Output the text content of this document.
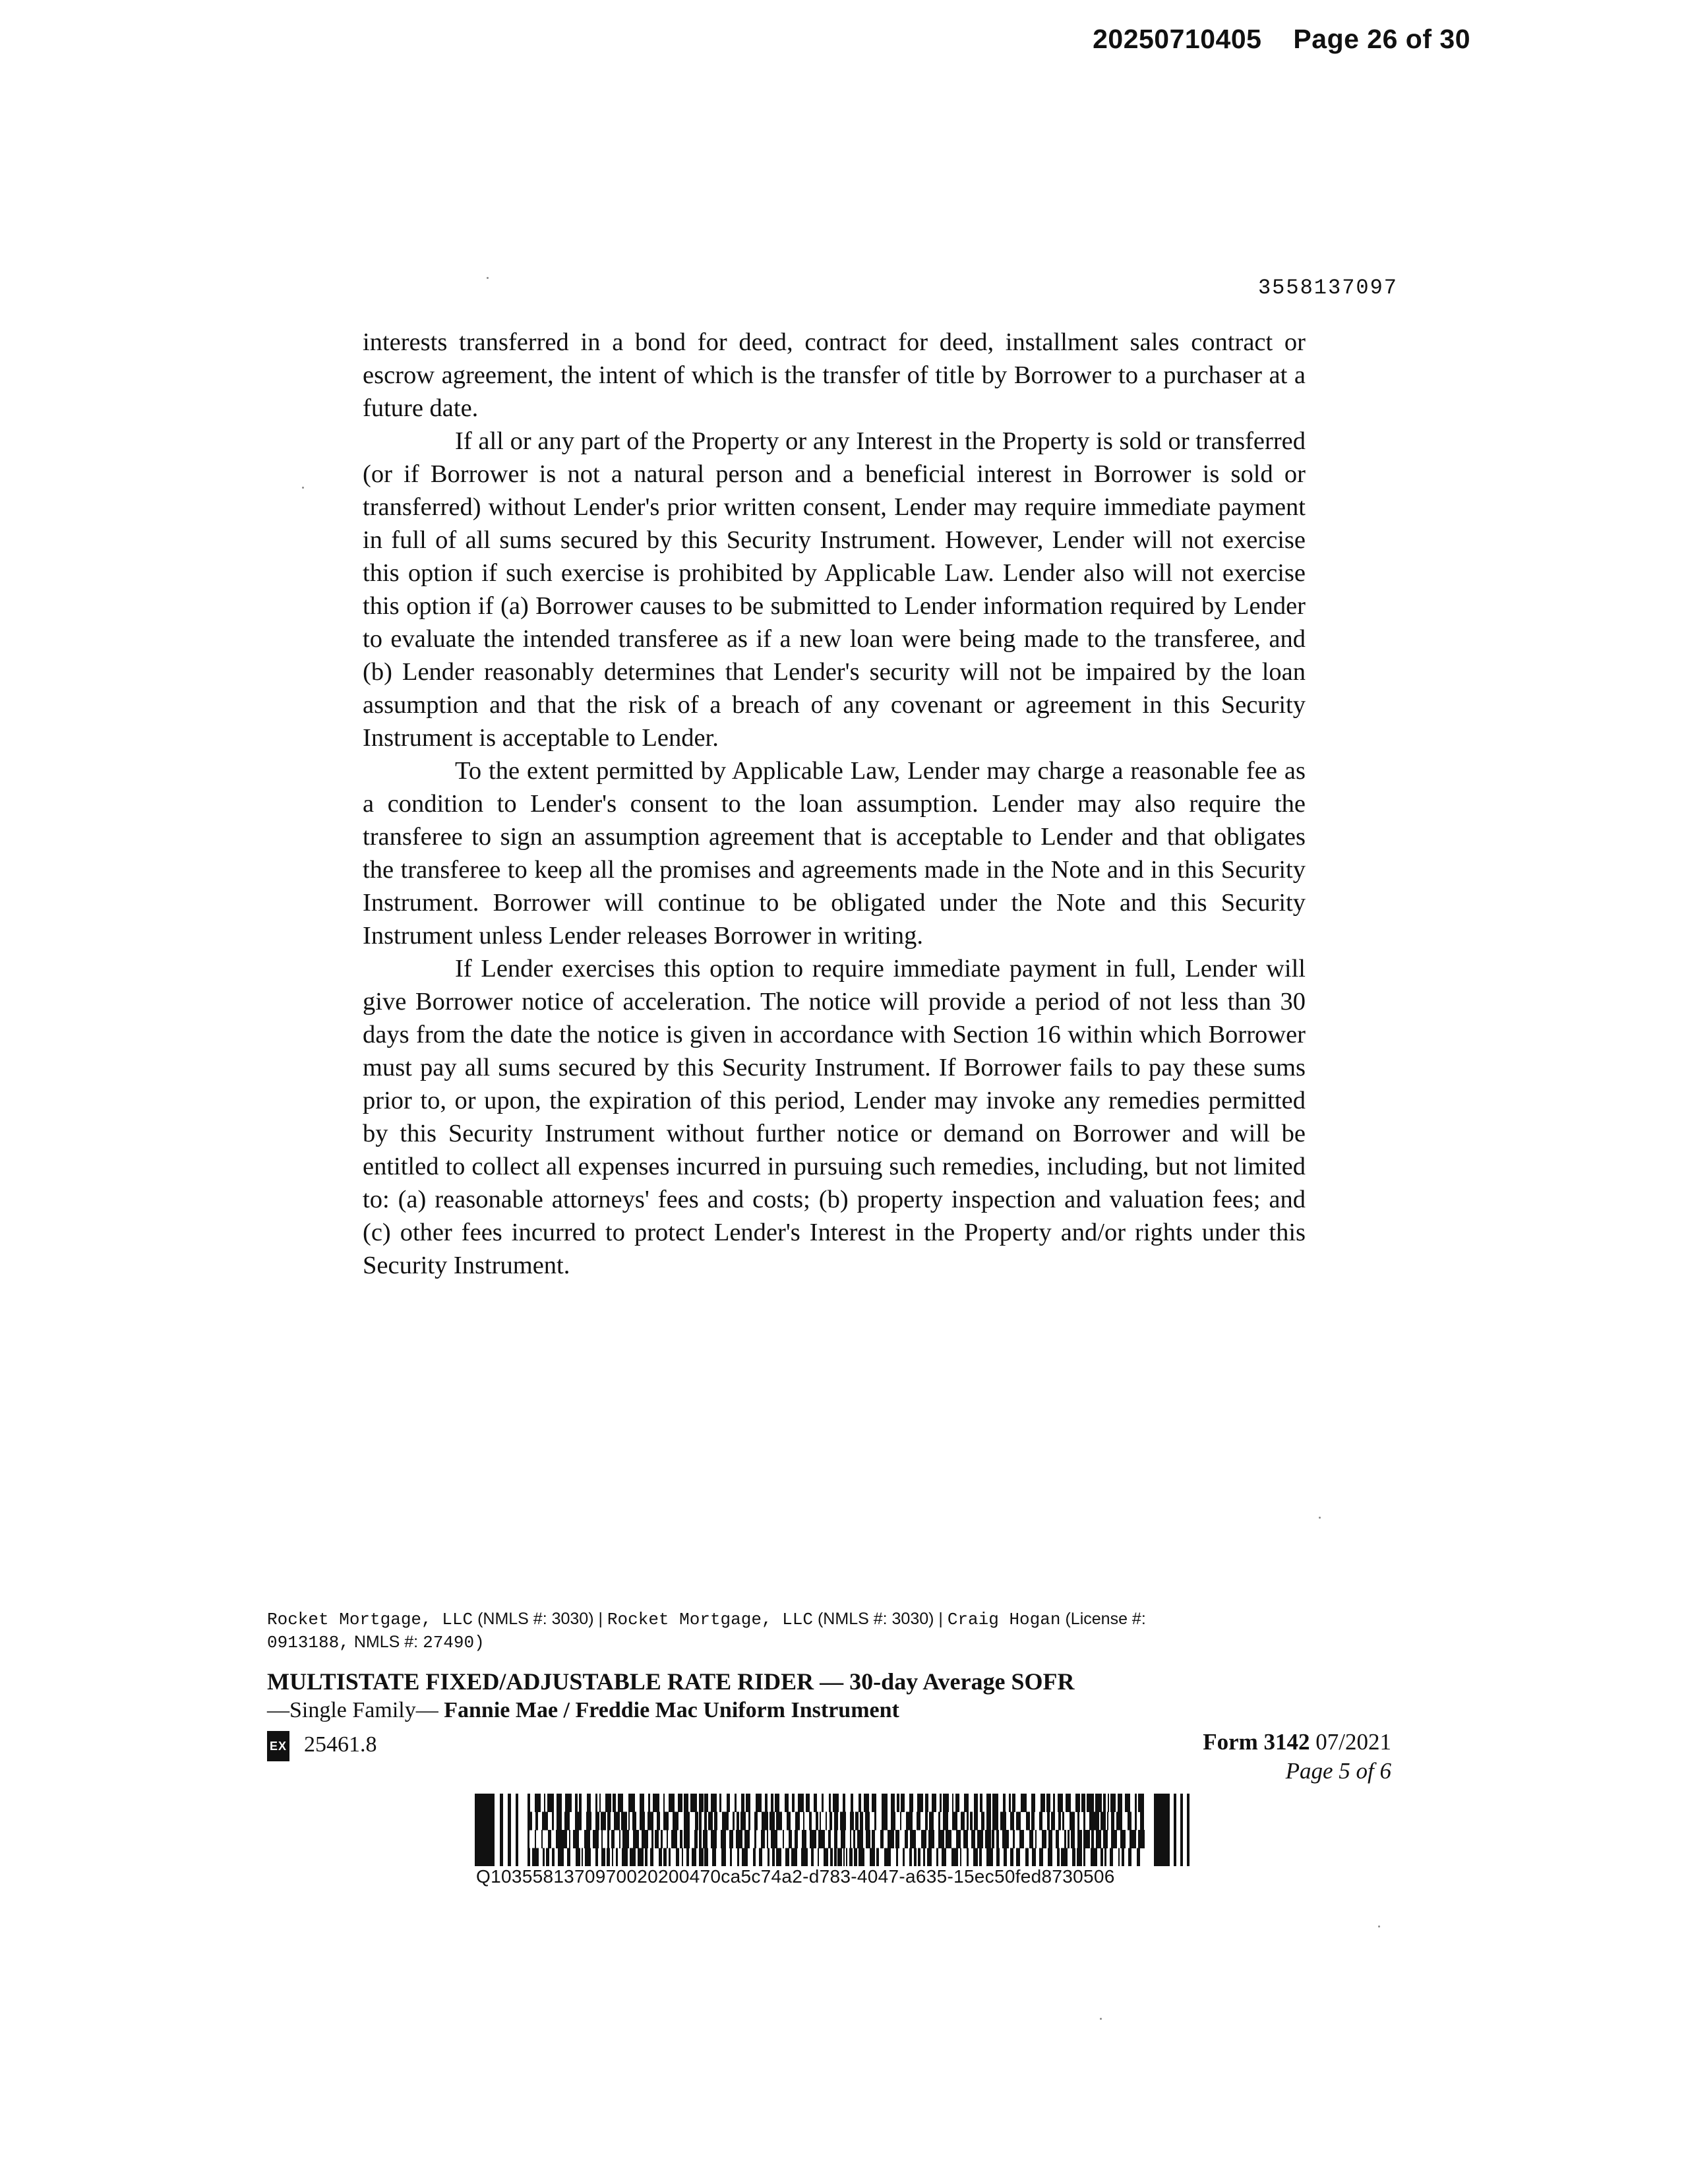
20250710405 Page 26 of 30
3558137097

interests transferred in a bond for deed, contract for deed, installment sales contract or escrow agreement, the intent of which is the transfer of title by Borrower to a purchaser at a future date.

If all or any part of the Property or any Interest in the Property is sold or transferred (or if Borrower is not a natural person and a beneficial interest in Borrower is sold or transferred) without Lender's prior written consent, Lender may require immediate payment in full of all sums secured by this Security Instrument. However, Lender will not exercise this option if such exercise is prohibited by Applicable Law. Lender also will not exercise this option if (a) Borrower causes to be submitted to Lender information required by Lender to evaluate the intended transferee as if a new loan were being made to the transferee, and (b) Lender reasonably determines that Lender's security will not be impaired by the loan assumption and that the risk of a breach of any covenant or agreement in this Security Instrument is acceptable to Lender.

To the extent permitted by Applicable Law, Lender may charge a reasonable fee as a condition to Lender's consent to the loan assumption. Lender may also require the transferee to sign an assumption agreement that is acceptable to Lender and that obligates the transferee to keep all the promises and agreements made in the Note and in this Security Instrument. Borrower will continue to be obligated under the Note and this Security Instrument unless Lender releases Borrower in writing.

If Lender exercises this option to require immediate payment in full, Lender will give Borrower notice of acceleration. The notice will provide a period of not less than 30 days from the date the notice is given in accordance with Section 16 within which Borrower must pay all sums secured by this Security Instrument. If Borrower fails to pay these sums prior to, or upon, the expiration of this period, Lender may invoke any remedies permitted by this Security Instrument without further notice or demand on Borrower and will be entitled to collect all expenses incurred in pursuing such remedies, including, but not limited to: (a) reasonable attorneys' fees and costs; (b) property inspection and valuation fees; and (c) other fees incurred to protect Lender's Interest in the Property and/or rights under this Security Instrument.

Rocket Mortgage, LLC (NMLS #: 3030) | Rocket Mortgage, LLC (NMLS #: 3030) | Craig Hogan (License #:
0913188, NMLS #: 27490)
MULTISTATE FIXED/ADJUSTABLE RATE RIDER — 30-day Average SOFR
—Single Family— Fannie Mae / Freddie Mac Uniform Instrument
EX 25461.8	Form 3142 07/2021
Page 5 of 6
Q1035581370970020200470ca5c74a2-d783-4047-a635-15ec50fed8730506
